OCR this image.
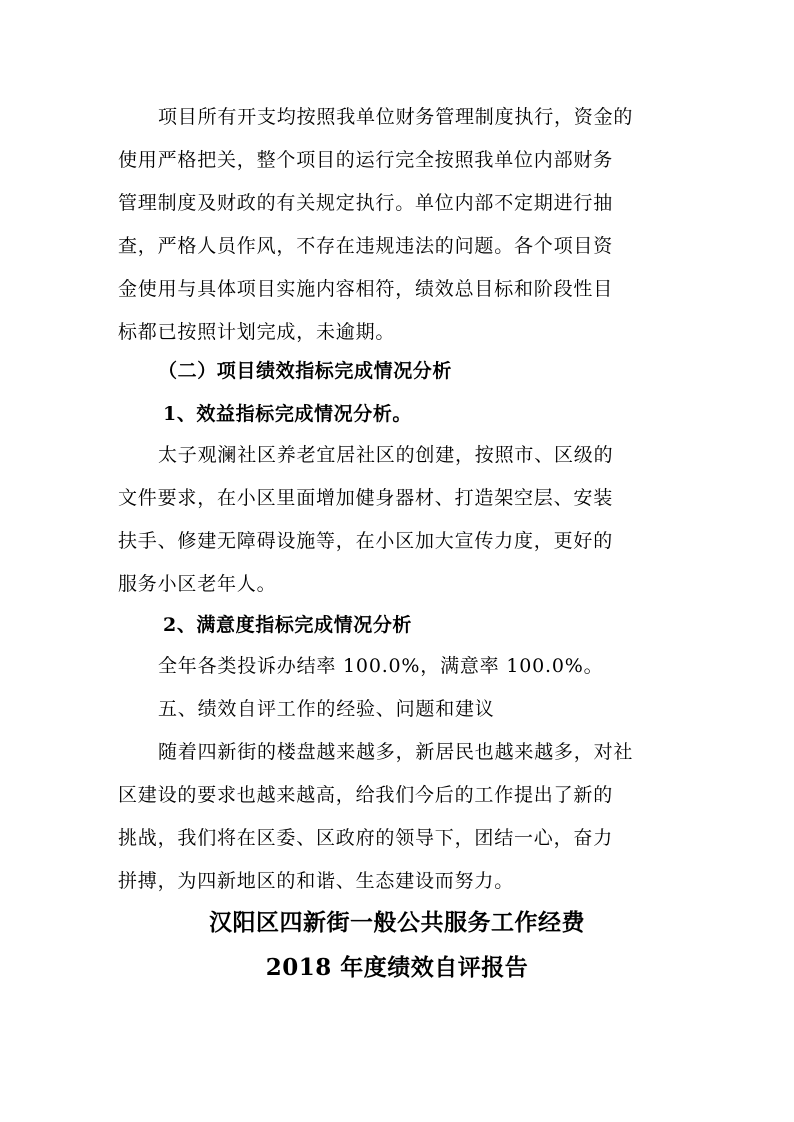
项目所有开支均按照我单位财务管理制度执行，资金的
使用严格把关，整个项目的运行完全按照我单位内部财务
管理制度及财政的有关规定执行。单位内部不定期进行抽
查，严格人员作风，不存在违规违法的问题。各个项目资
金使用与具体项目实施内容相符，绩效总目标和阶段性目
标都已按照计划完成，未逾期。
（二）项目绩效指标完成情况分析
1、效益指标完成情况分析。
太子观澜社区养老宜居社区的创建，按照市、区级的
文件要求，在小区里面增加健身器材、打造架空层、安装
扶手、修建无障碍设施等，在小区加大宣传力度，更好的
服务小区老年人。
2、满意度指标完成情况分析
全年各类投诉办结率 100.0%，满意率 100.0%。
五、绩效自评工作的经验、问题和建议
随着四新街的楼盘越来越多，新居民也越来越多，对社
区建设的要求也越来越高，给我们今后的工作提出了新的
挑战，我们将在区委、区政府的领导下，团结一心，奋力
拼搏，为四新地区的和谐、生态建设而努力。
汉阳区四新街一般公共服务工作经费
2018 年度绩效自评报告
